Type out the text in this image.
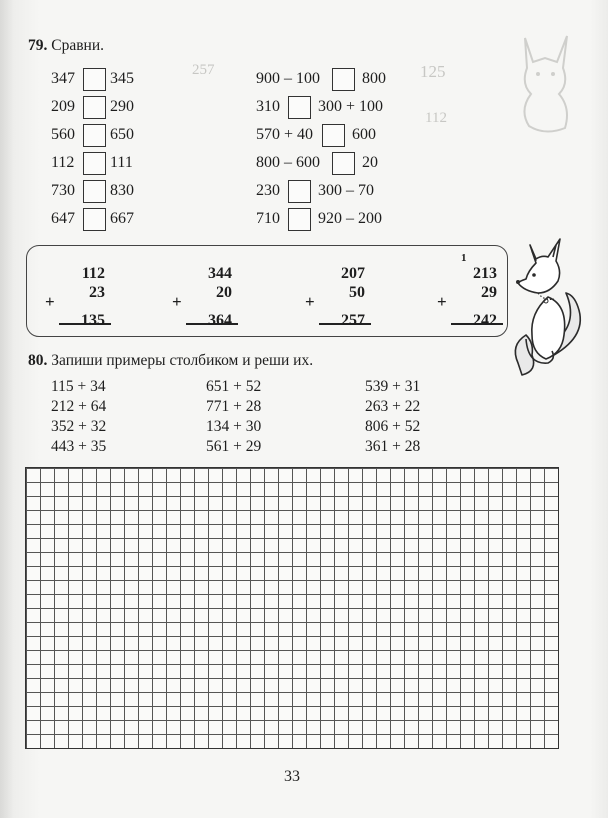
125
112
257
79. Сравни.
347 345
209 290
560 650
112 111
730 830
647 667
900 – 100	800
310 300 + 100
570 + 40 600
800 – 600	20
230 300 – 70
710 920 – 200
+
112
23
135
+
344
20
364
+
207
50
257
+
213
29
242
1
80. Запиши примеры столбиком и реши их.
115 + 34
212 + 64
352 + 32
443 + 35
651 + 52
771 + 28
134 + 30
561 + 29
539 + 31
263 + 22
806 + 52
361 + 28
33
